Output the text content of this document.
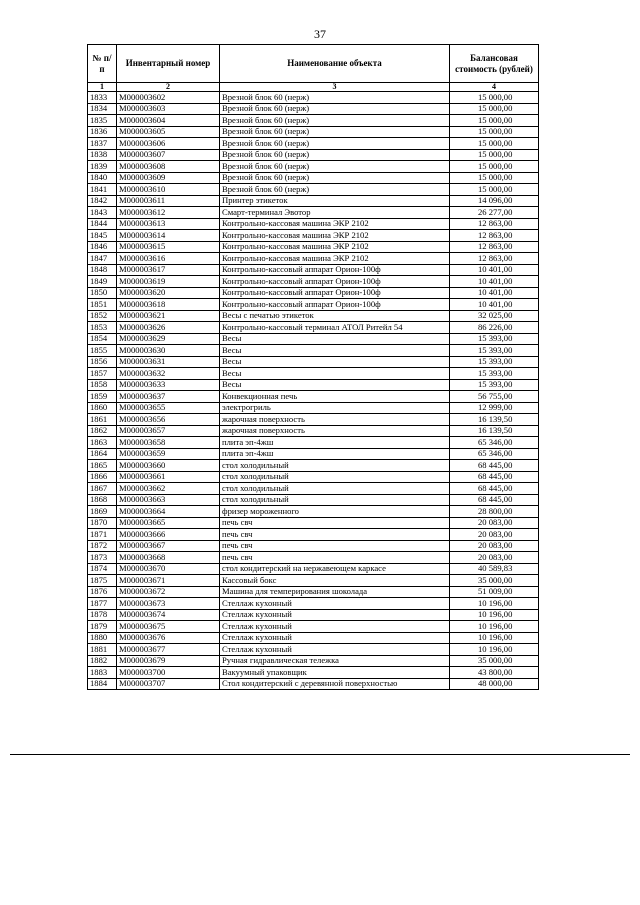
37
№ п/п	Инвентарный номер	Наименование объекта	Балансовая стоимость (рублей)
1	2	3	4
1833	M000003602	Врезной блок 60 (нерж)	15 000,00
1834	M000003603	Врезной блок 60 (нерж)	15 000,00
1835	M000003604	Врезной блок 60 (нерж)	15 000,00
1836	M000003605	Врезной блок 60 (нерж)	15 000,00
1837	M000003606	Врезной блок 60 (нерж)	15 000,00
1838	M000003607	Врезной блок 60 (нерж)	15 000,00
1839	M000003608	Врезной блок 60 (нерж)	15 000,00
1840	M000003609	Врезной блок 60 (нерж)	15 000,00
1841	M000003610	Врезной блок 60 (нерж)	15 000,00
1842	M000003611	Принтер этикеток	14 096,00
1843	M000003612	Смарт-терминал Эвотор	26 277,00
1844	M000003613	Контрольно-кассовая машина ЭКР 2102	12 863,00
1845	M000003614	Контрольно-кассовая машина ЭКР 2102	12 863,00
1846	M000003615	Контрольно-кассовая машина ЭКР 2102	12 863,00
1847	M000003616	Контрольно-кассовая машина ЭКР 2102	12 863,00
1848	M000003617	Контрольно-кассовый аппарат Орион-100ф	10 401,00
1849	M000003619	Контрольно-кассовый аппарат Орион-100ф	10 401,00
1850	M000003620	Контрольно-кассовый аппарат Орион-100ф	10 401,00
1851	M000003618	Контрольно-кассовый аппарат Орион-100ф	10 401,00
1852	M000003621	Весы с печатью этикеток	32 025,00
1853	M000003626	Контрольно-кассовый терминал АТОЛ Ритейл 54	86 226,00
1854	M000003629	Весы	15 393,00
1855	M000003630	Весы	15 393,00
1856	M000003631	Весы	15 393,00
1857	M000003632	Весы	15 393,00
1858	M000003633	Весы	15 393,00
1859	M000003637	Конвекционная печь	56 755,00
1860	M000003655	электрогриль	12 999,00
1861	M000003656	жарочная поверхность	16 139,50
1862	M000003657	жарочная поверхность	16 139,50
1863	M000003658	плита эп-4жш	65 346,00
1864	M000003659	плита эп-4жш	65 346,00
1865	M000003660	стол холодильный	68 445,00
1866	M000003661	стол холодильный	68 445,00
1867	M000003662	стол холодильный	68 445,00
1868	M000003663	стол холодильный	68 445,00
1869	M000003664	фризер мороженного	28 800,00
1870	M000003665	печь свч	20 083,00
1871	M000003666	печь свч	20 083,00
1872	M000003667	печь свч	20 083,00
1873	M000003668	печь свч	20 083,00
1874	M000003670	стол кондитерский на нержавеющем каркасе	40 589,83
1875	M000003671	Кассовый бокс	35 000,00
1876	M000003672	Машина для темперирования шоколада	51 009,00
1877	M000003673	Стеллаж кухонный	10 196,00
1878	M000003674	Стеллаж кухонный	10 196,00
1879	M000003675	Стеллаж кухонный	10 196,00
1880	M000003676	Стеллаж кухонный	10 196,00
1881	M000003677	Стеллаж кухонный	10 196,00
1882	M000003679	Ручная гидравлическая тележка	35 000,00
1883	M000003700	Вакуумный упаковщик	43 800,00
1884	M000003707	Стол кондитерский с деревянной поверхностью	48 000,00
